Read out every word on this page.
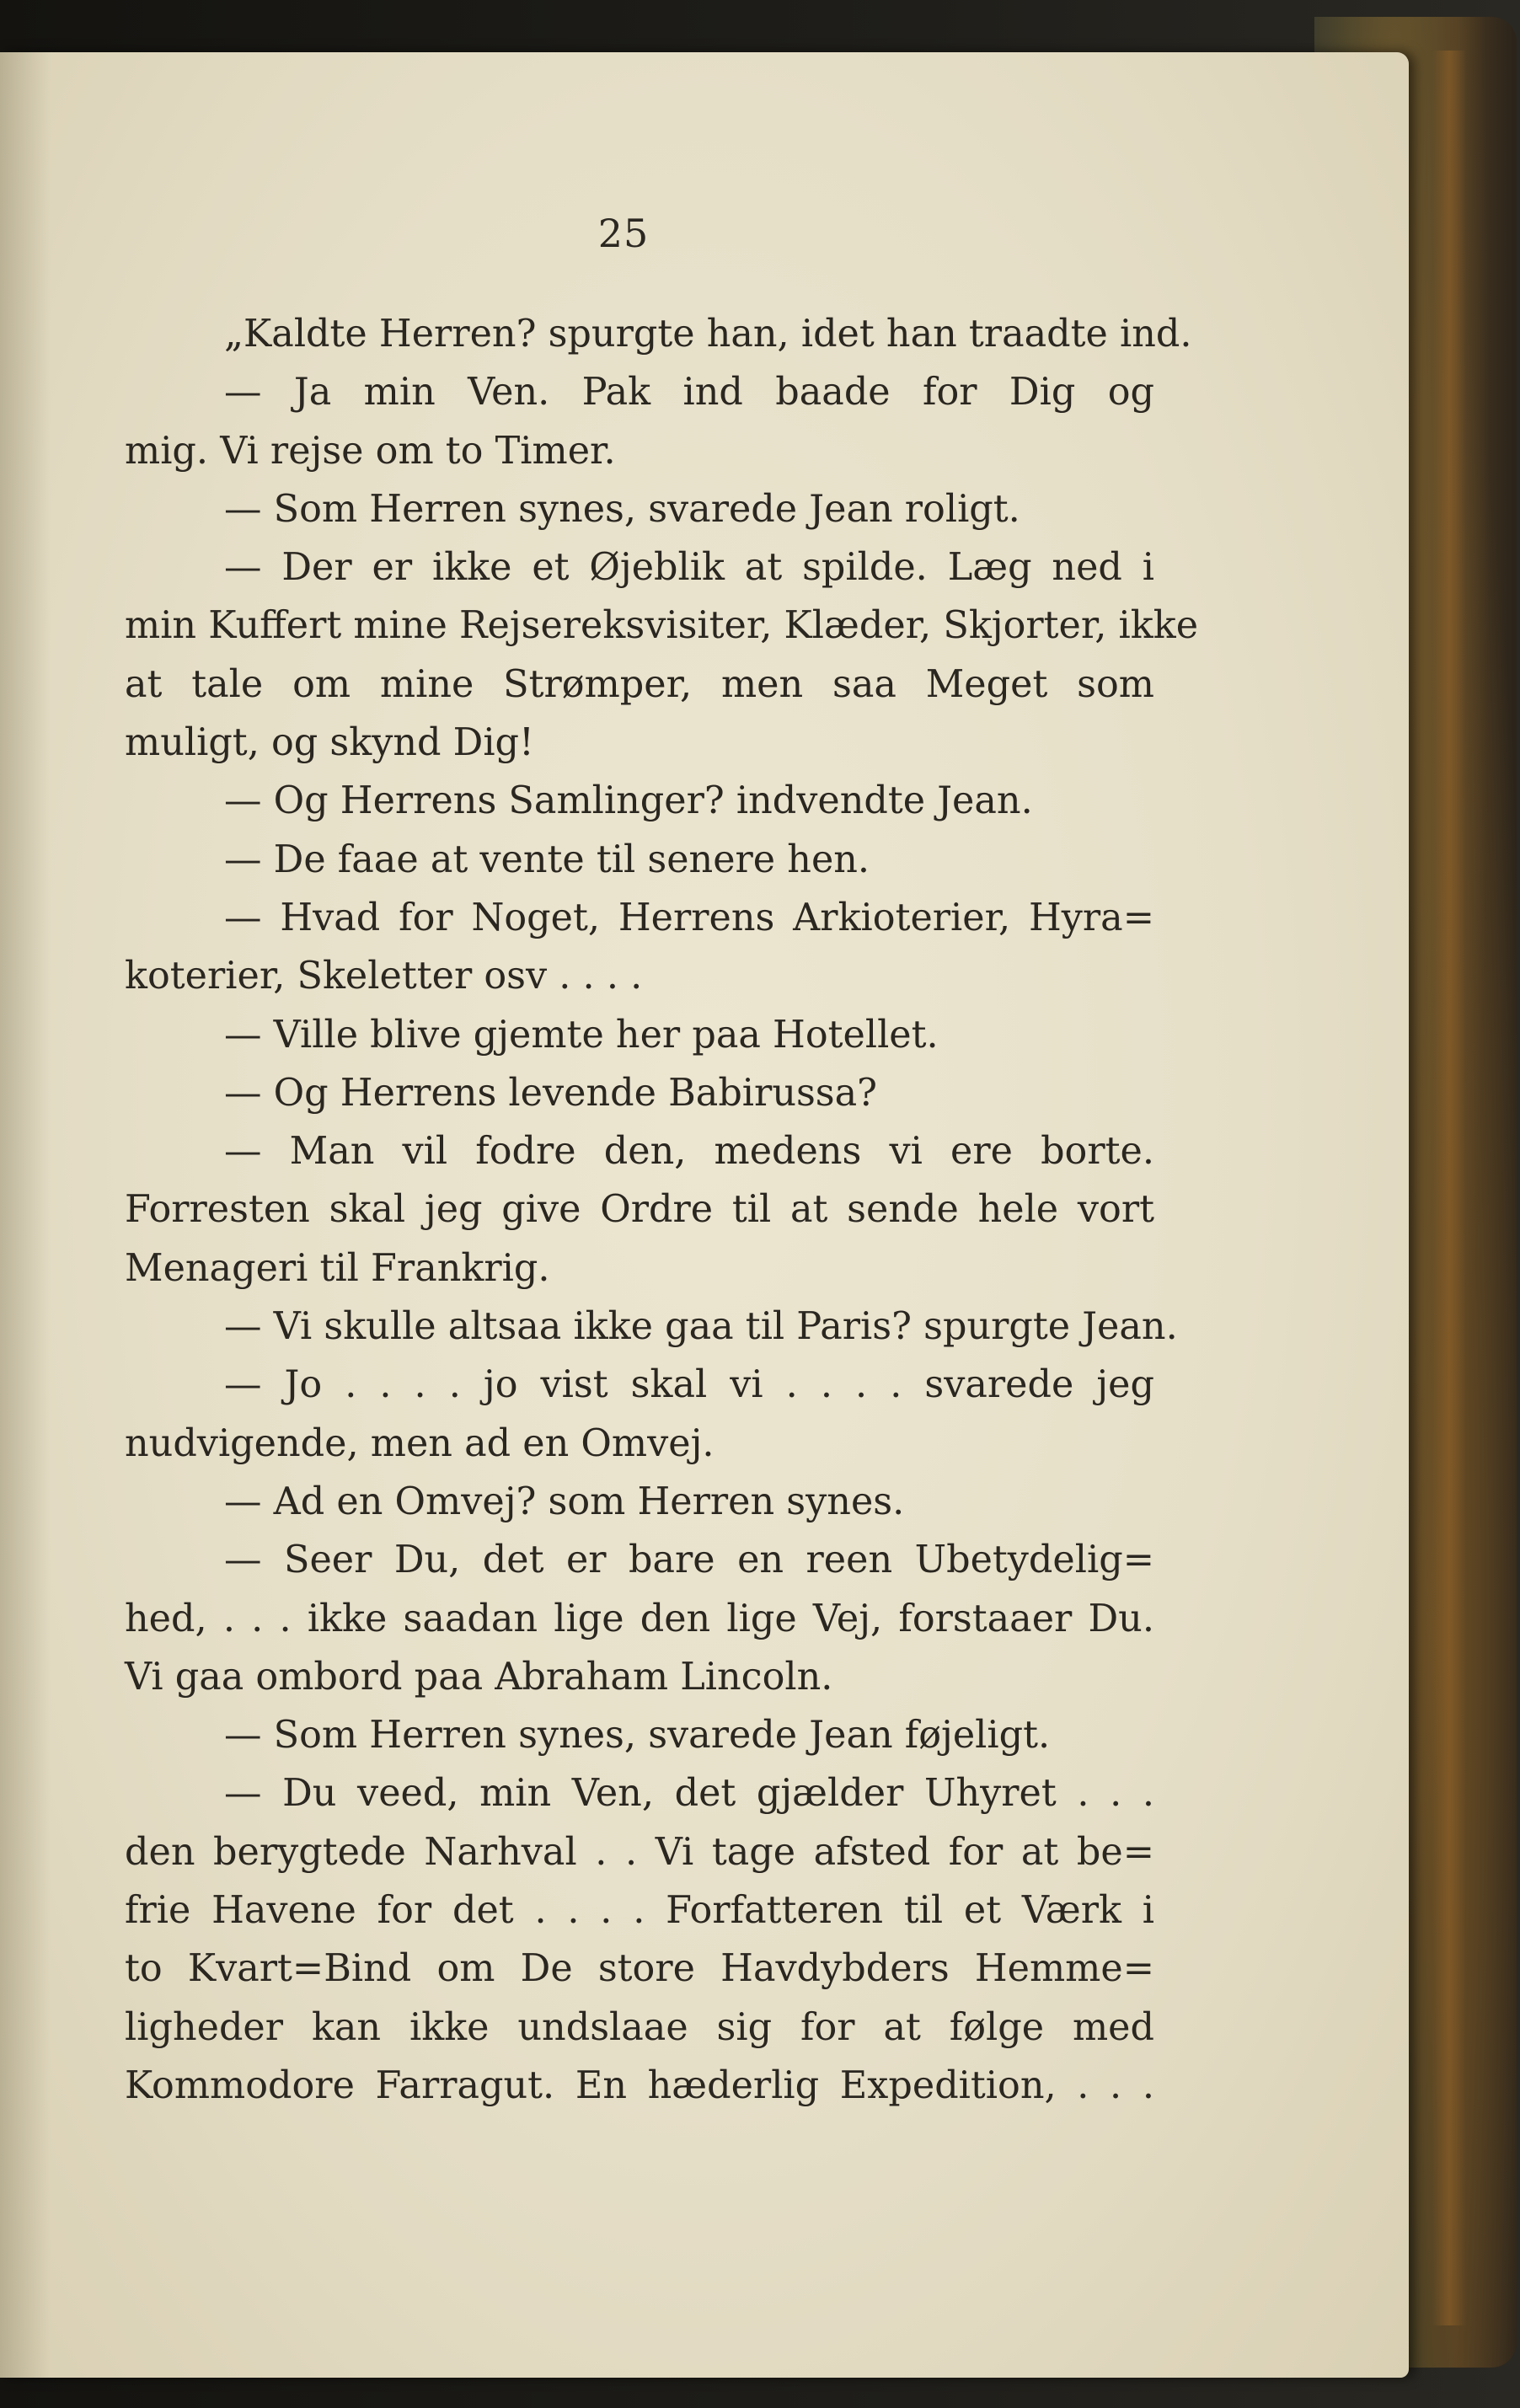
25
„Kaldte Herren? spurgte han, idet han traadte ind.
— Ja min Ven. Pak ind baade for Dig og
mig. Vi rejse om to Timer.
— Som Herren synes, svarede Jean roligt.
— Der er ikke et Øjeblik at spilde. Læg ned i
min Kuffert mine Rejsereksvisiter, Klæder, Skjorter, ikke
at tale om mine Strømper, men saa Meget som
muligt, og skynd Dig!
— Og Herrens Samlinger? indvendte Jean.
— De faae at vente til senere hen.
— Hvad for Noget, Herrens Arkioterier, Hyra=
koterier, Skeletter osv . . . .
— Ville blive gjemte her paa Hotellet.
— Og Herrens levende Babirussa?
— Man vil fodre den, medens vi ere borte.
Forresten skal jeg give Ordre til at sende hele vort
Menageri til Frankrig.
— Vi skulle altsaa ikke gaa til Paris? spurgte Jean.
— Jo . . . . jo vist skal vi . . . . svarede jeg
nudvigende, men ad en Omvej.
— Ad en Omvej? som Herren synes.
— Seer Du, det er bare en reen Ubetydelig=
hed, . . . ikke saadan lige den lige Vej, forstaaer Du.
Vi gaa ombord paa Abraham Lincoln.
— Som Herren synes, svarede Jean føjeligt.
— Du veed, min Ven, det gjælder Uhyret . . .
den berygtede Narhval . . Vi tage afsted for at be=
frie Havene for det . . . . Forfatteren til et Værk i
to Kvart=Bind om De store Havdybders Hemme=
ligheder kan ikke undslaae sig for at følge med
Kommodore Farragut. En hæderlig Expedition, . . .
